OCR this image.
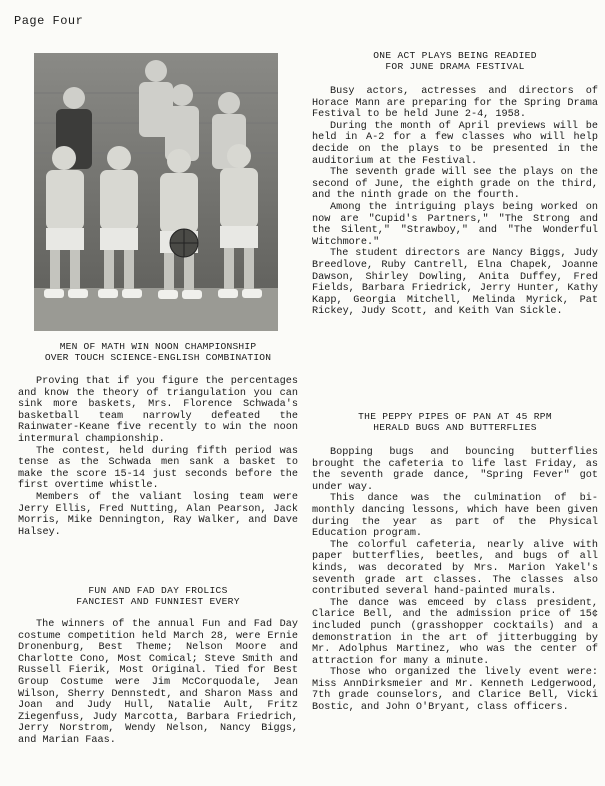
Page Four
MEN OF MATH WIN NOON CHAMPIONSHIP
OVER TOUCH SCIENCE-ENGLISH COMBINATION

Proving that if you figure the percentages and know the theory of triangulation you can sink more baskets, Mrs. Florence Schwada's basketball team narrowly defeated the Rainwater-Keane five recently to win the noon intermural championship.

The contest, held during fifth period was tense as the Schwada men sank a basket to make the score 15-14 just seconds before the first overtime whistle.

Members of the valiant losing team were Jerry Ellis, Fred Nutting, Alan Pearson, Jack Morris, Mike Dennington, Ray Walker, and Dave Halsey.

FUN AND FAD DAY FROLICS
FANCIEST AND FUNNIEST EVERY

The winners of the annual Fun and Fad Day costume competition held March 28, were Ernie Dronenburg, Best Theme; Nelson Moore and Charlotte Cono, Most Comical; Steve Smith and Russell Fierik, Most Original. Tied for Best Group Costume were Jim McCorquodale, Jean Wilson, Sherry Dennstedt, and Sharon Mass and Joan and Judy Hull, Natalie Ault, Fritz Ziegenfuss, Judy Marcotta, Barbara Friedrich, Jerry Norstrom, Wendy Nelson, Nancy Biggs, and Marian Faas.

ONE ACT PLAYS BEING READIED
FOR JUNE DRAMA FESTIVAL

Busy actors, actresses and directors of Horace Mann are preparing for the Spring Drama Festival to be held June 2-4, 1958.

During the month of April previews will be held in A-2 for a few classes who will help decide on the plays to be presented in the auditorium at the Festival.

The seventh grade will see the plays on the second of June, the eighth grade on the third, and the ninth grade on the fourth.

Among the intriguing plays being worked on now are "Cupid's Partners," "The Strong and the Silent," "Strawboy," and "The Wonderful Witchmore."

The student directors are Nancy Biggs, Judy Breedlove, Ruby Cantrell, Elna Chapek, Joanne Dawson, Shirley Dowling, Anita Duffey, Fred Fields, Barbara Friedrick, Jerry Hunter, Kathy Kapp, Georgia Mitchell, Melinda Myrick, Pat Rickey, Judy Scott, and Keith Van Sickle.

THE PEPPY PIPES OF PAN AT 45 RPM
HERALD BUGS AND BUTTERFLIES

Bopping bugs and bouncing butterflies brought the cafeteria to life last Friday, as the seventh grade dance, "Spring Fever" got under way.

This dance was the culmination of bi-monthly dancing lessons, which have been given during the year as part of the Physical Education program.

The colorful cafeteria, nearly alive with paper butterflies, beetles, and bugs of all kinds, was decorated by Mrs. Marion Yakel's seventh grade art classes. The classes also contributed several hand-painted murals.

The dance was emceed by class president, Clarice Bell, and the admission price of 15¢ included punch (grasshopper cocktails) and a demonstration in the art of jitterbugging by Mr. Adolphus Martinez, who was the center of attraction for many a minute.

Those who organized the lively event were: Miss AnnDirksmeier and Mr. Kenneth Ledgerwood, 7th grade counselors, and Clarice Bell, Vicki Bostic, and John O'Bryant, class officers.
